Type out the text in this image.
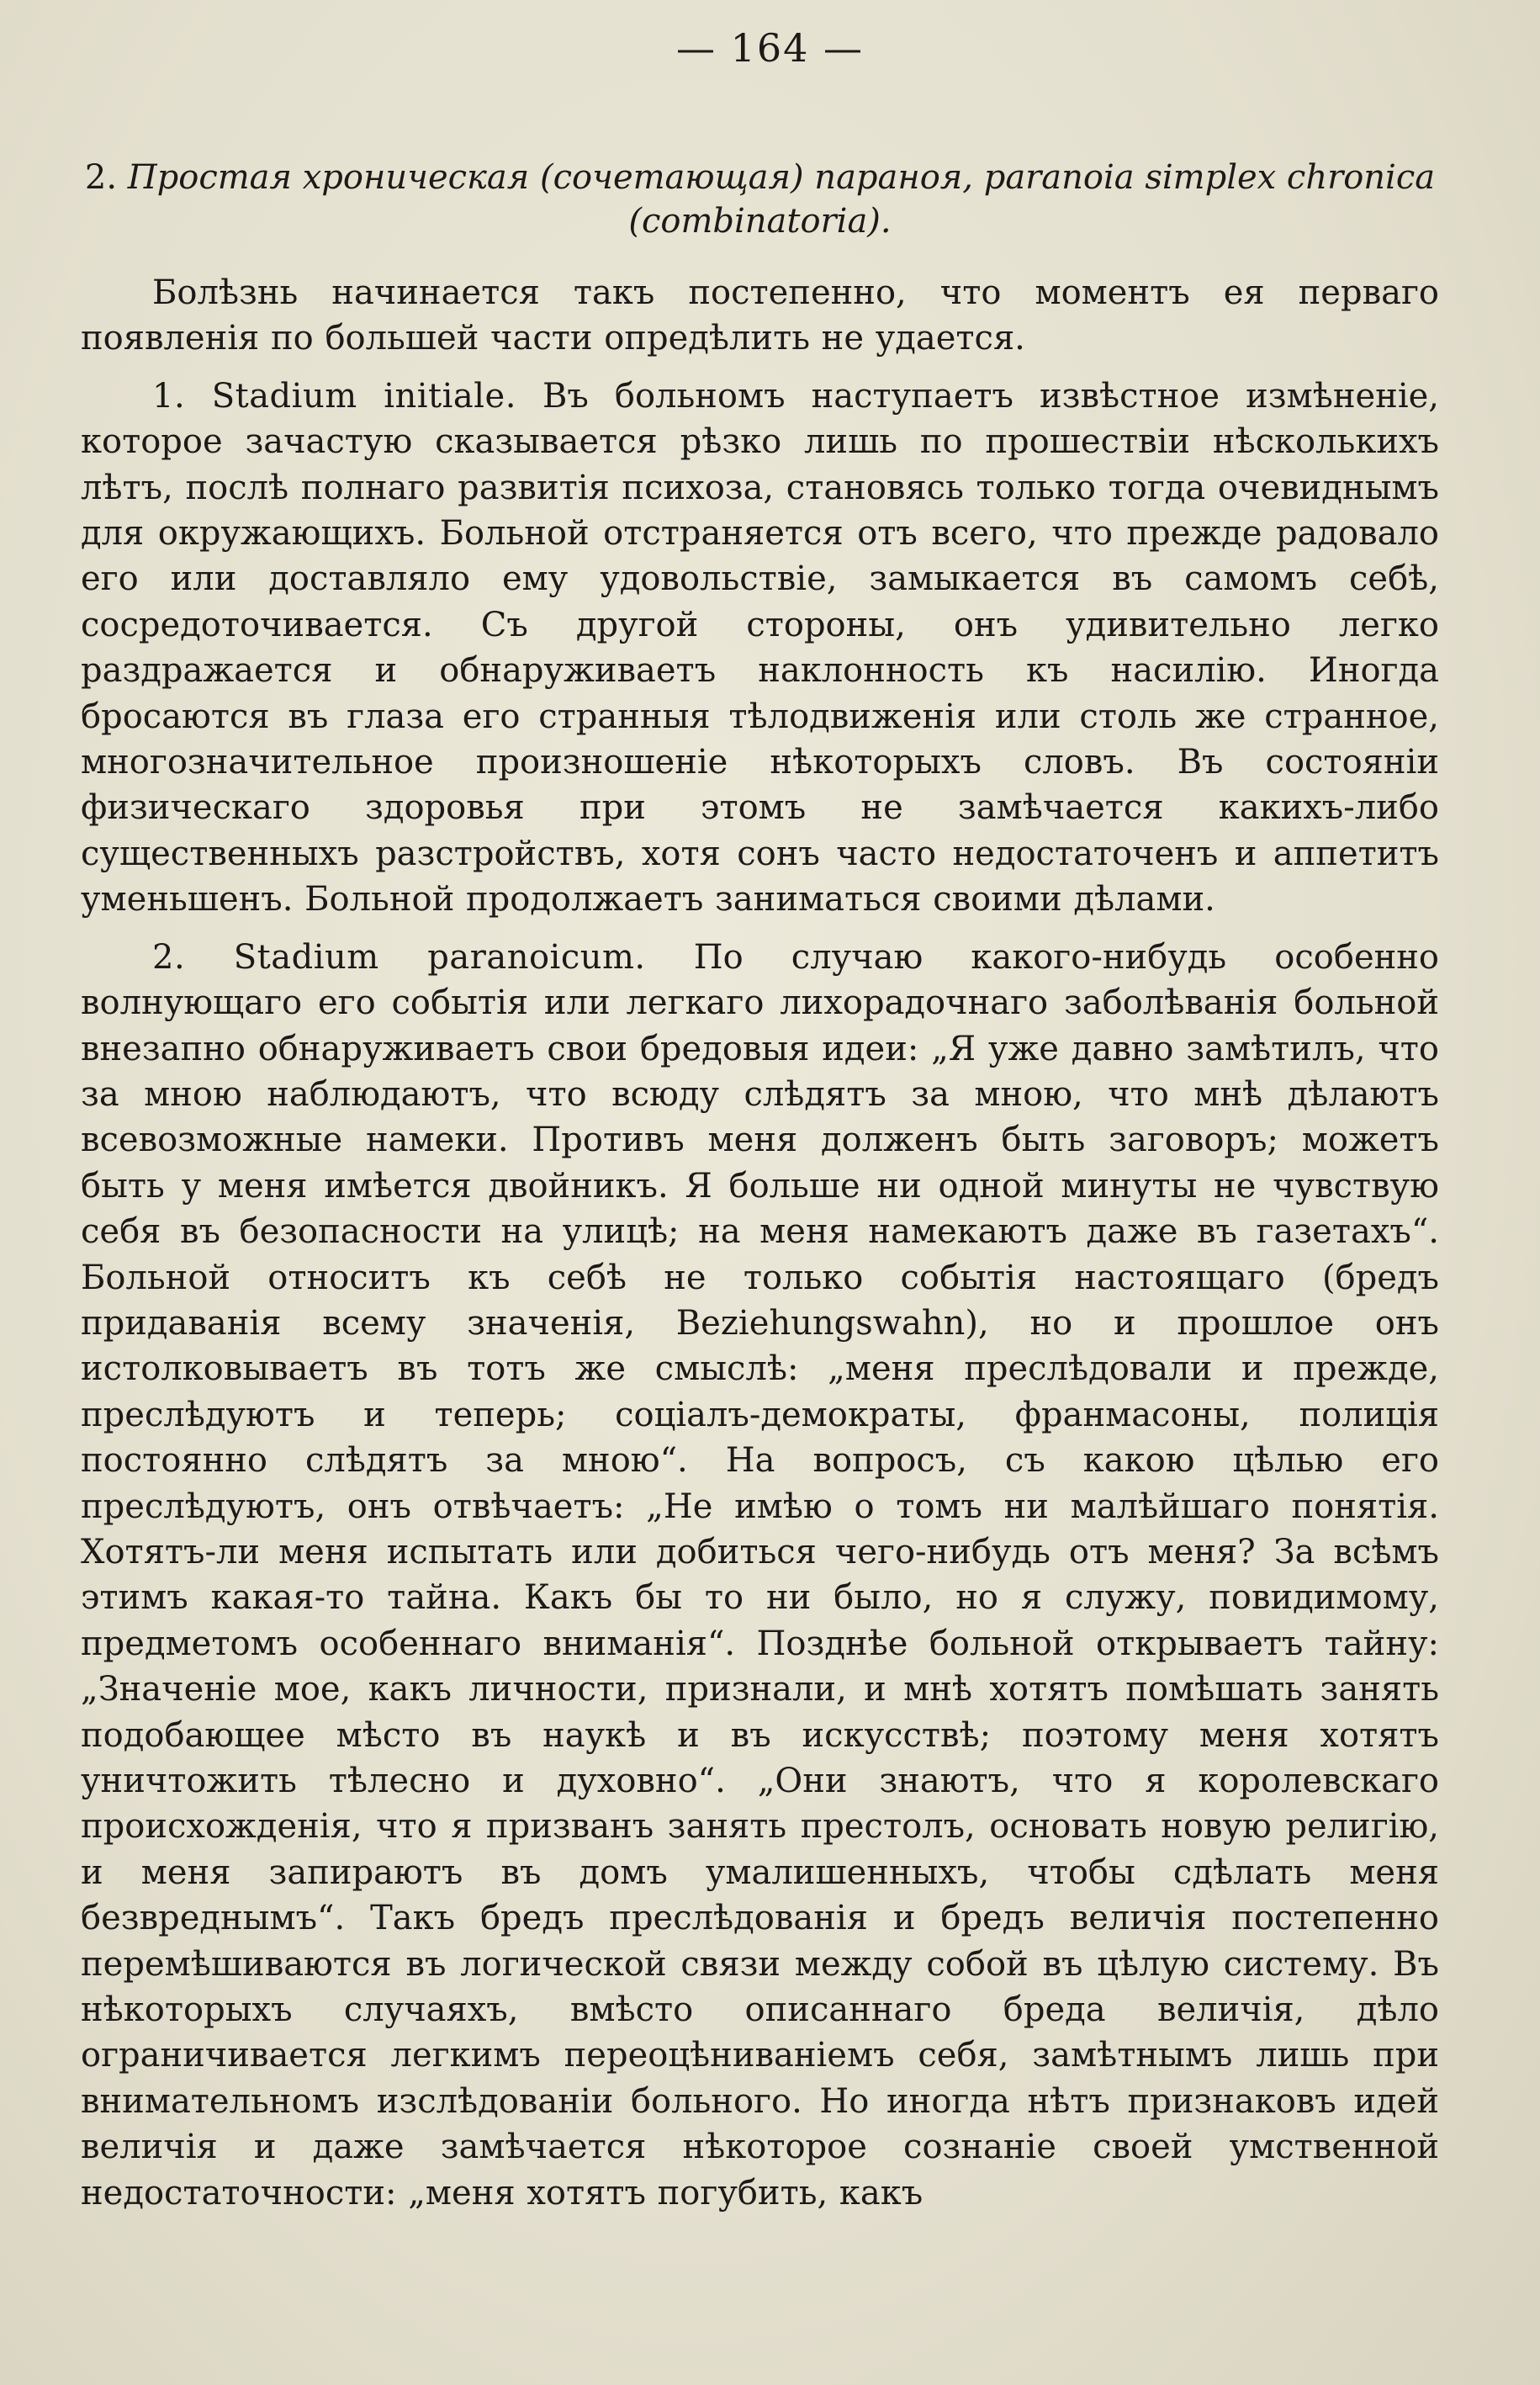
— 164 —
2. Простая хроническая (сочетающая) параноя, paranoia simplex chronica (combinatoria).

Болѣзнь начинается такъ постепенно, что моментъ ея перваго появленія по большей части опредѣлить не удается.

1. Stadium initiale. Въ больномъ наступаетъ извѣстное измѣненіе, которое зачастую сказывается рѣзко лишь по прошествіи нѣсколькихъ лѣтъ, послѣ полнаго развитія психоза, становясь только тогда очевиднымъ для окружающихъ. Больной отстраняется отъ всего, что прежде радовало его или доставляло ему удовольствіе, замыкается въ самомъ себѣ, сосредоточивается. Съ другой стороны, онъ удивительно легко раздражается и обнаруживаетъ наклонность къ насилію. Иногда бросаются въ глаза его странныя тѣлодвиженія или столь же странное, многозначительное произношеніе нѣкоторыхъ словъ. Въ состояніи физическаго здоровья при этомъ не замѣчается какихъ-либо существенныхъ разстройствъ, хотя сонъ часто недостаточенъ и аппетитъ уменьшенъ. Больной продолжаетъ заниматься своими дѣлами.

2. Stadium paranoicum. По случаю какого-нибудь особенно волнующаго его событія или легкаго лихорадочнаго заболѣванія больной внезапно обнаруживаетъ свои бредовыя идеи: „Я уже давно замѣтилъ, что за мною наблюдаютъ, что всюду слѣдятъ за мною, что мнѣ дѣлаютъ всевозможные намеки. Противъ меня долженъ быть заговоръ; можетъ быть у меня имѣется двойникъ. Я больше ни одной минуты не чувствую себя въ безопасности на улицѣ; на меня намекаютъ даже въ газетахъ“. Больной относитъ къ себѣ не только событія настоящаго (бредъ придаванія всему значенія, Beziehungswahn), но и прошлое онъ истолковываетъ въ тотъ же смыслѣ: „меня преслѣдовали и прежде, преслѣдуютъ и теперь; соціалъ-демократы, франмасоны, полиція постоянно слѣдятъ за мною“. На вопросъ, съ какою цѣлью его преслѣдуютъ, онъ отвѣчаетъ: „Не имѣю о томъ ни малѣйшаго понятія. Хотятъ-ли меня испытать или добиться чего-нибудь отъ меня? За всѣмъ этимъ какая-то тайна. Какъ бы то ни было, но я служу, повидимому, предметомъ особеннаго вниманія“. Позднѣе больной открываетъ тайну: „Значеніе мое, какъ личности, признали, и мнѣ хотятъ помѣшать занять подобающее мѣсто въ наукѣ и въ искусствѣ; поэтому меня хотятъ уничтожить тѣлесно и духовно“. „Они знаютъ, что я королевскаго происхожденія, что я призванъ занять престолъ, основать новую религію, и меня запираютъ въ домъ умалишенныхъ, чтобы сдѣлать меня безвреднымъ“. Такъ бредъ преслѣдованія и бредъ величія постепенно перемѣшиваются въ логической связи между собой въ цѣлую систему. Въ нѣкоторыхъ случаяхъ, вмѣсто описаннаго бреда величія, дѣло ограничивается легкимъ переоцѣниваніемъ себя, замѣтнымъ лишь при внимательномъ изслѣдованіи больного. Но иногда нѣтъ признаковъ идей величія и даже замѣчается нѣкоторое сознаніе своей умственной недостаточности: „меня хотятъ погубить, какъ
